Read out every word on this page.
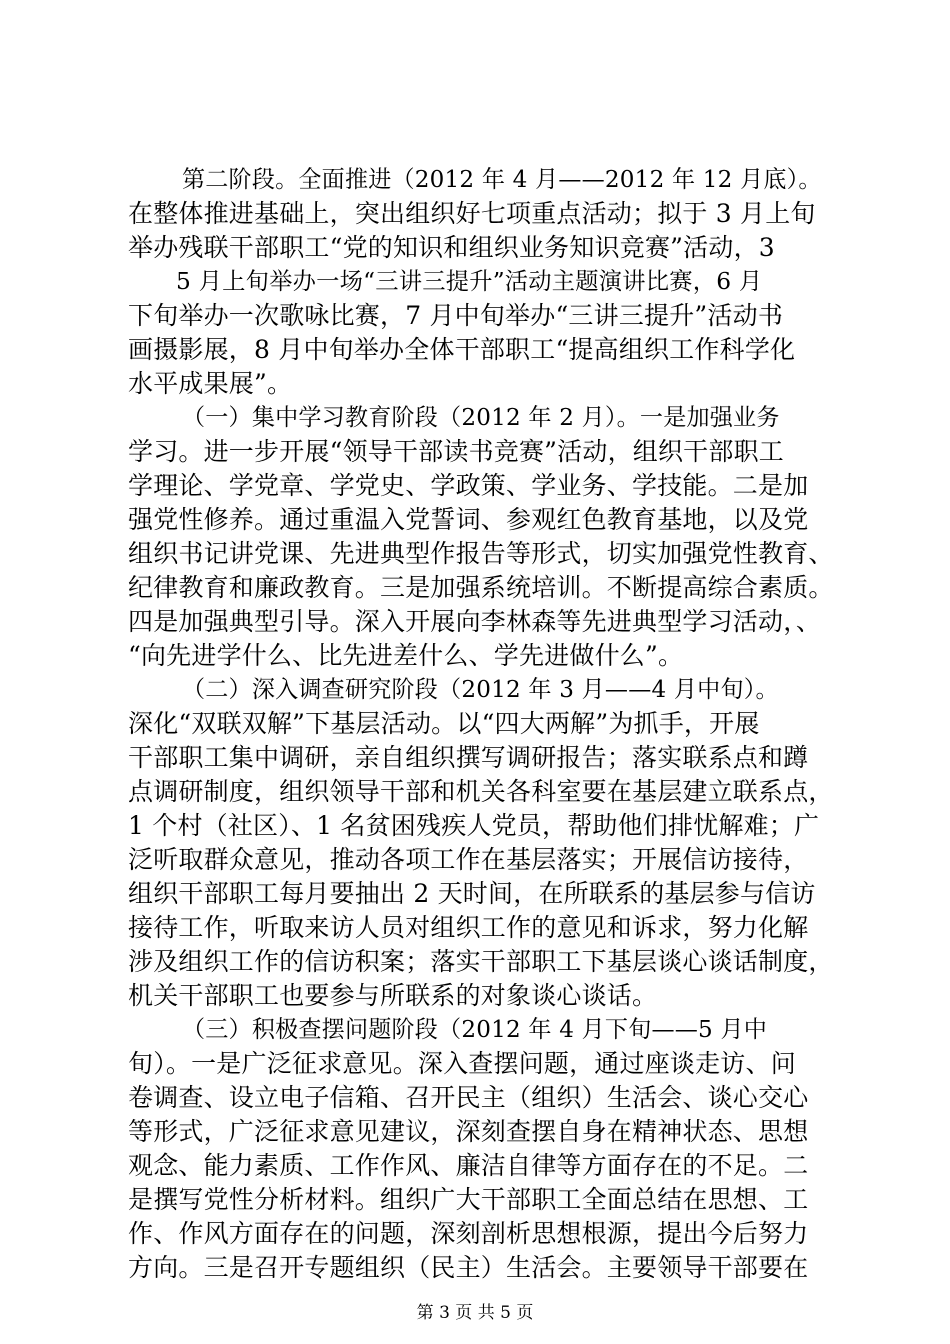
第二阶段。全面推进（2012 年 4 月——2012 年 12 月底）。
在整体推进基础上，突出组织好七项重点活动；拟于 3 月上旬
举办残联干部职工“党的知识和组织业务知识竞赛”活动，3
5 月上旬举办一场“三讲三提升”活动主题演讲比赛，6 月
下旬举办一次歌咏比赛，7 月中旬举办“三讲三提升”活动书
画摄影展，8 月中旬举办全体干部职工“提高组织工作科学化
水平成果展”。
（一）集中学习教育阶段（2012 年 2 月）。一是加强业务
学习。进一步开展“领导干部读书竞赛”活动，组织干部职工
学理论、学党章、学党史、学政策、学业务、学技能。二是加
强党性修养。通过重温入党誓词、参观红色教育基地，以及党
组织书记讲党课、先进典型作报告等形式，切实加强党性教育、
纪律教育和廉政教育。三是加强系统培训。不断提高综合素质。
四是加强典型引导。深入开展向李林森等先进典型学习活动，、
“向先进学什么、比先进差什么、学先进做什么”。
（二）深入调查研究阶段（2012 年 3 月——4 月中旬）。
深化“双联双解”下基层活动。以“四大两解”为抓手，开展
干部职工集中调研，亲自组织撰写调研报告；落实联系点和蹲
点调研制度，组织领导干部和机关各科室要在基层建立联系点，
1 个村（社区）、1 名贫困残疾人党员，帮助他们排忧解难；广
泛听取群众意见，推动各项工作在基层落实；开展信访接待，
组织干部职工每月要抽出 2 天时间，在所联系的基层参与信访
接待工作，听取来访人员对组织工作的意见和诉求，努力化解
涉及组织工作的信访积案；落实干部职工下基层谈心谈话制度，
机关干部职工也要参与所联系的对象谈心谈话。
（三）积极查摆问题阶段（2012 年 4 月下旬——5 月中
旬）。一是广泛征求意见。深入查摆问题，通过座谈走访、问
卷调查、设立电子信箱、召开民主（组织）生活会、谈心交心
等形式，广泛征求意见建议，深刻查摆自身在精神状态、思想
观念、能力素质、工作作风、廉洁自律等方面存在的不足。二
是撰写党性分析材料。组织广大干部职工全面总结在思想、工
作、作风方面存在的问题，深刻剖析思想根源，提出今后努力
方向。三是召开专题组织（民主）生活会。主要领导干部要在
第 3 页 共 5 页
